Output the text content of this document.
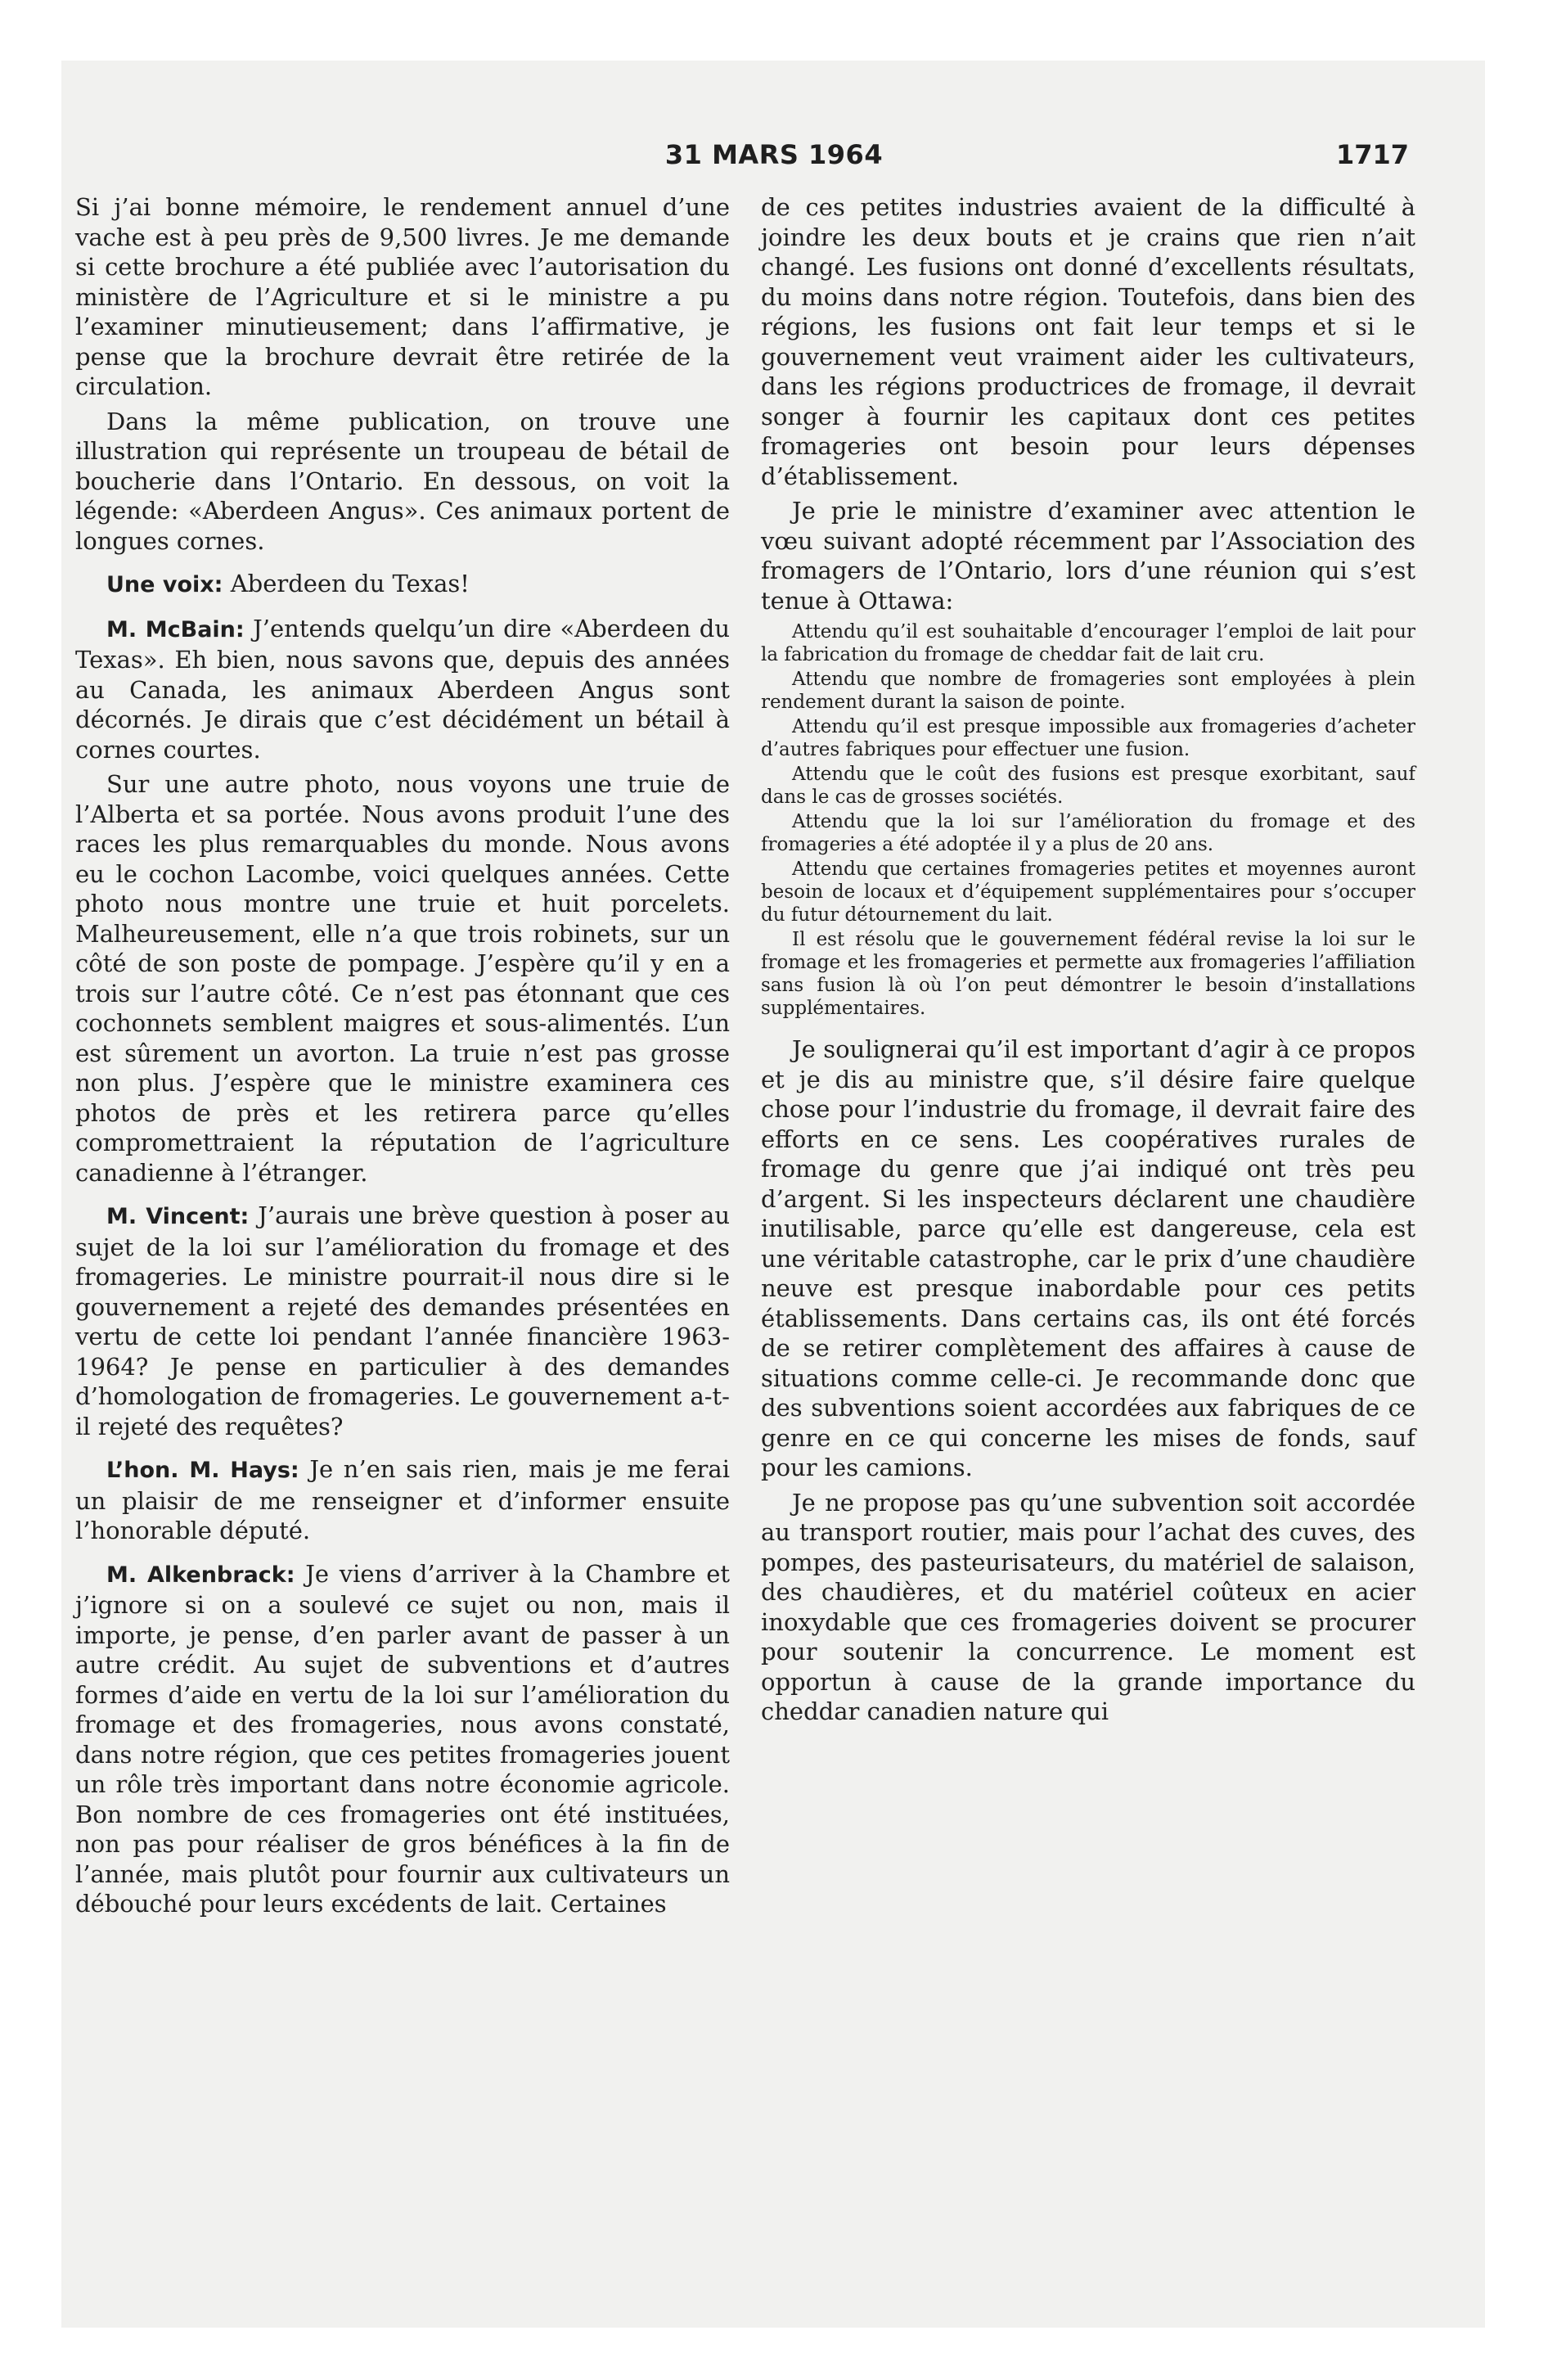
31 MARS 1964	1717

Si j’ai bonne mémoire, le rendement annuel d’une vache est à peu près de 9,500 livres. Je me demande si cette brochure a été publiée avec l’autorisation du ministère de l’Agriculture et si le ministre a pu l’examiner minutieusement; dans l’affirmative, je pense que la brochure devrait être retirée de la circulation.

Dans la même publication, on trouve une illustration qui représente un troupeau de bétail de boucherie dans l’Ontario. En dessous, on voit la légende: «Aberdeen Angus». Ces animaux portent de longues cornes.

Une voix: Aberdeen du Texas!

M. McBain: J’entends quelqu’un dire «Aberdeen du Texas». Eh bien, nous savons que, depuis des années au Canada, les animaux Aberdeen Angus sont décornés. Je dirais que c’est décidément un bétail à cornes courtes.

Sur une autre photo, nous voyons une truie de l’Alberta et sa portée. Nous avons produit l’une des races les plus remarquables du monde. Nous avons eu le cochon Lacombe, voici quelques années. Cette photo nous montre une truie et huit porcelets. Malheureusement, elle n’a que trois robinets, sur un côté de son poste de pompage. J’espère qu’il y en a trois sur l’autre côté. Ce n’est pas étonnant que ces cochonnets semblent maigres et sous-alimentés. L’un est sûrement un avorton. La truie n’est pas grosse non plus. J’espère que le ministre examinera ces photos de près et les retirera parce qu’elles compromettraient la réputation de l’agriculture canadienne à l’étranger.

M. Vincent: J’aurais une brève question à poser au sujet de la loi sur l’amélioration du fromage et des fromageries. Le ministre pourrait-il nous dire si le gouvernement a rejeté des demandes présentées en vertu de cette loi pendant l’année financière 1963-1964? Je pense en particulier à des demandes d’homologation de fromageries. Le gouvernement a-t-il rejeté des requêtes?

L’hon. M. Hays: Je n’en sais rien, mais je me ferai un plaisir de me renseigner et d’informer ensuite l’honorable député.

M. Alkenbrack: Je viens d’arriver à la Chambre et j’ignore si on a soulevé ce sujet ou non, mais il importe, je pense, d’en parler avant de passer à un autre crédit. Au sujet de subventions et d’autres formes d’aide en vertu de la loi sur l’amélioration du fromage et des fromageries, nous avons constaté, dans notre région, que ces petites fromageries jouent un rôle très important dans notre économie agricole. Bon nombre de ces fromageries ont été instituées, non pas pour réaliser de gros bénéfices à la fin de l’année, mais plutôt pour fournir aux cultivateurs un débouché pour leurs excédents de lait. Certaines

de ces petites industries avaient de la difficulté à joindre les deux bouts et je crains que rien n’ait changé. Les fusions ont donné d’excellents résultats, du moins dans notre région. Toutefois, dans bien des régions, les fusions ont fait leur temps et si le gouvernement veut vraiment aider les cultivateurs, dans les régions productrices de fromage, il devrait songer à fournir les capitaux dont ces petites fromageries ont besoin pour leurs dépenses d’établissement.

Je prie le ministre d’examiner avec attention le vœu suivant adopté récemment par l’Association des fromagers de l’Ontario, lors d’une réunion qui s’est tenue à Ottawa:

Attendu qu’il est souhaitable d’encourager l’emploi de lait pour la fabrication du fromage de cheddar fait de lait cru.

Attendu que nombre de fromageries sont employées à plein rendement durant la saison de pointe.

Attendu qu’il est presque impossible aux fromageries d’acheter d’autres fabriques pour effectuer une fusion.

Attendu que le coût des fusions est presque exorbitant, sauf dans le cas de grosses sociétés.

Attendu que la loi sur l’amélioration du fromage et des fromageries a été adoptée il y a plus de 20 ans.

Attendu que certaines fromageries petites et moyennes auront besoin de locaux et d’équipement supplémentaires pour s’occuper du futur détournement du lait.

Il est résolu que le gouvernement fédéral revise la loi sur le fromage et les fromageries et permette aux fromageries l’affiliation sans fusion là où l’on peut démontrer le besoin d’installations supplémentaires.

Je soulignerai qu’il est important d’agir à ce propos et je dis au ministre que, s’il désire faire quelque chose pour l’industrie du fromage, il devrait faire des efforts en ce sens. Les coopératives rurales de fromage du genre que j’ai indiqué ont très peu d’argent. Si les inspecteurs déclarent une chaudière inutilisable, parce qu’elle est dangereuse, cela est une véritable catastrophe, car le prix d’une chaudière neuve est presque inabordable pour ces petits établissements. Dans certains cas, ils ont été forcés de se retirer complètement des affaires à cause de situations comme celle-ci. Je recommande donc que des subventions soient accordées aux fabriques de ce genre en ce qui concerne les mises de fonds, sauf pour les camions.

Je ne propose pas qu’une subvention soit accordée au transport routier, mais pour l’achat des cuves, des pompes, des pasteurisateurs, du matériel de salaison, des chaudières, et du matériel coûteux en acier inoxydable que ces fromageries doivent se procurer pour soutenir la concurrence. Le moment est opportun à cause de la grande importance du cheddar canadien nature qui
